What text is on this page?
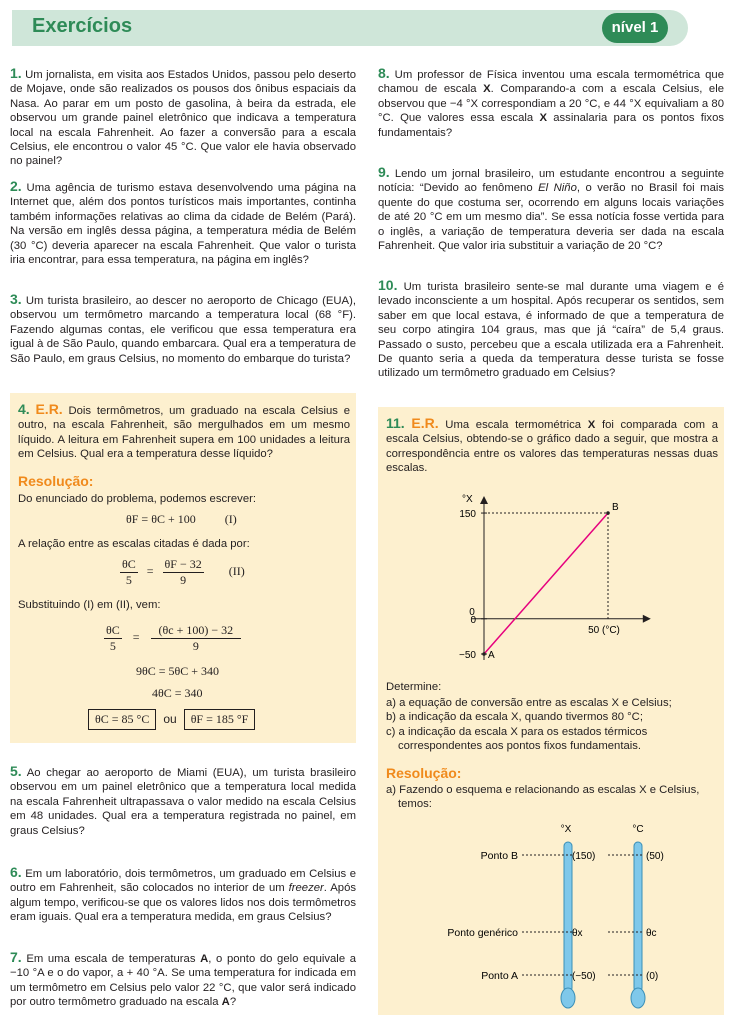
Exercícios	nível 1
1. Um jornalista, em visita aos Estados Unidos, passou pelo deserto de Mojave, onde são realizados os pousos dos ônibus espaciais da Nasa. Ao parar em um posto de gasolina, à beira da estrada, ele observou um grande painel eletrônico que indicava a temperatura local na escala Fahrenheit. Ao fazer a conversão para a escala Celsius, ele encontrou o valor 45 °C. Que valor ele havia observado no painel?
2. Uma agência de turismo estava desenvolvendo uma página na Internet que, além dos pontos turísticos mais importantes, continha também informações relativas ao clima da cidade de Belém (Pará). Na versão em inglês dessa página, a temperatura média de Belém (30 °C) deveria aparecer na escala Fahrenheit. Que valor o turista iria encontrar, para essa temperatura, na página em inglês?
3. Um turista brasileiro, ao descer no aeroporto de Chicago (EUA), observou um termômetro marcando a temperatura local (68 °F). Fazendo algumas contas, ele verificou que essa temperatura era igual à de São Paulo, quando embarcara. Qual era a temperatura de São Paulo, em graus Celsius, no momento do embarque do turista?
4. E.R. Dois termômetros, um graduado na escala Celsius e outro, na escala Fahrenheit, são mergulhados em um mesmo líquido. A leitura em Fahrenheit supera em 100 unidades a leitura em Celsius. Qual era a temperatura desse líquido?
Resolução:
Do enunciado do problema, podemos escrever:
θF = θC + 100 (I)
A relação entre as escalas citadas é dada por:
$\frac{\theta C}{5} = \frac{\theta F - 32}{9} (II)$
Substituindo (I) em (II), vem:
$\frac{\theta C}{5} = \frac{(\theta c + 100) - 32}{9}$
9θC = 5θC + 340
4θC = 340
θC = 85 °C ou θF = 185 °F
5. Ao chegar ao aeroporto de Miami (EUA), um turista brasileiro observou em um painel eletrônico que a temperatura local medida na escala Fahrenheit ultrapassava o valor medido na escala Celsius em 48 unidades. Qual era a temperatura registrada no painel, em graus Celsius?
6. Em um laboratório, dois termômetros, um graduado em Celsius e outro em Fahrenheit, são colocados no interior de um freezer. Após algum tempo, verificou-se que os valores lidos nos dois termômetros eram iguais. Qual era a temperatura medida, em graus Celsius?
7. Em uma escala de temperaturas A, o ponto do gelo equivale a −10 °A e o do vapor, a + 40 °A. Se uma temperatura for indicada em um termômetro em Celsius pelo valor 22 °C, que valor será indicado por outro termômetro graduado na escala A?
8. Um professor de Física inventou uma escala termométrica que chamou de escala X. Comparando-a com a escala Celsius, ele observou que −4 °X correspondiam a 20 °C, e 44 °X equivaliam a 80 °C. Que valores essa escala X assinalaria para os pontos fixos fundamentais?
9. Lendo um jornal brasileiro, um estudante encontrou a seguinte notícia: “Devido ao fenômeno El Niño, o verão no Brasil foi mais quente do que costuma ser, ocorrendo em alguns locais variações de até 20 °C em um mesmo dia”. Se essa notícia fosse vertida para o inglês, a variação de temperatura deveria ser dada na escala Fahrenheit. Que valor iria substituir a variação de 20 °C?
10. Um turista brasileiro sente-se mal durante uma viagem e é levado inconsciente a um hospital. Após recuperar os sentidos, sem saber em que local estava, é informado de que a temperatura de seu corpo atingira 104 graus, mas que já “caíra” de 5,4 graus. Passado o susto, percebeu que a escala utilizada era a Fahrenheit. De quanto seria a queda da temperatura desse turista se fosse utilizado um termômetro graduado em Celsius?
11. E.R. Uma escala termométrica X foi comparada com a escala Celsius, obtendo-se o gráfico dado a seguir, que mostra a correspondência entre os valores das temperaturas nessas duas escalas.
°X
150
0
−50
0
50 (°C)
A
B
Determine:
a) a equação de conversão entre as escalas X e Celsius;
b) a indicação da escala X, quando tivermos 80 °C;
c) a indicação da escala X para os estados térmicos correspondentes aos pontos fixos fundamentais.
Resolução:
a) Fazendo o esquema e relacionando as escalas X e Celsius, temos:
°X	°C
Ponto B	(150)	(50)
Ponto genérico	θx	θc
Ponto A	(−50)	(0)
